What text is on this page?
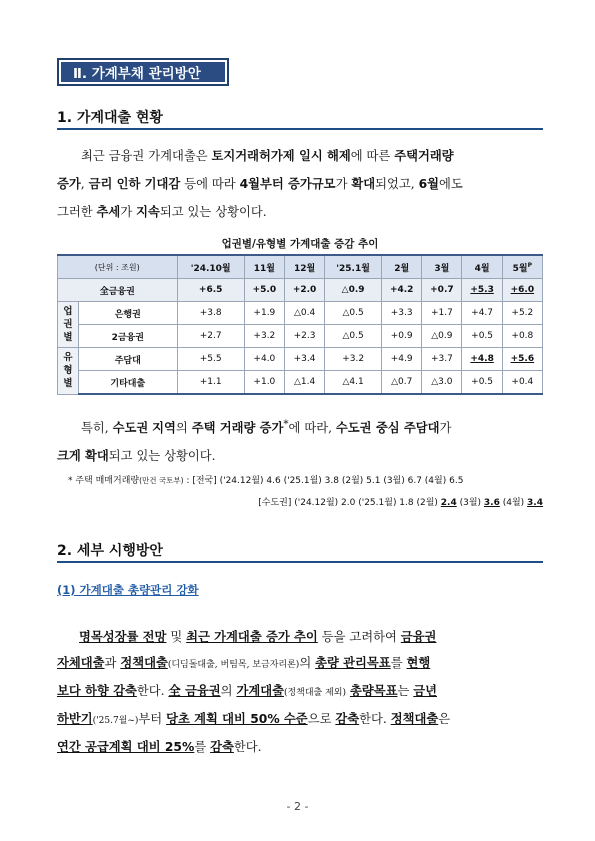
Ⅱ. 가계부채 관리방안
1. 가계대출 현황
최근 금융권 가계대출은 토지거래허가제 일시 해제에 따른 주택거래량
증가, 금리 인하 기대감 등에 따라 4월부터 증가규모가 확대되었고, 6월에도
그러한 추세가 지속되고 있는 상황이다.
업권별/유형별 가계대출 증감 추이
(단위 : 조원)		'24.10월	11월	12월	'25.1월	2월	3월	4월	5월$^P$
全금융권		+6.5	+5.0	+2.0	△0.9	+4.2	+0.7	+5.3	+6.0
업
권
별	은행권	+3.8	+1.9	△0.4	△0.5	+3.3	+1.7	+4.7	+5.2
	2금융권	+2.7	+3.2	+2.3	△0.5	+0.9	△0.9	+0.5	+0.8
유
형
별	주담대	+5.5	+4.0	+3.4	+3.2	+4.9	+3.7	+4.8	+5.6
	기타대출	+1.1	+1.0	△1.4	△4.1	△0.7	△3.0	+0.5	+0.4
특히, 수도권 지역의 주택 거래량 증가*에 따라, 수도권 중심 주담대가
크게 확대되고 있는 상황이다.
* 주택 매매거래량(만건 국토부) : [전국] ('24.12월) 4.6 ('25.1월) 3.8 (2월) 5.1 (3월) 6.7 (4월) 6.5
[수도권] ('24.12월) 2.0 ('25.1월) 1.8 (2월) 2.4 (3월) 3.6 (4월) 3.4
2. 세부 시행방안
(1) 가계대출 총량관리 강화
명목성장률 전망 및 최근 가계대출 증가 추이 등을 고려하여 금융권
자체대출과 정책대출(디딤돌대출, 버팀목, 보금자리론)의 총량 관리목표를 현행
보다 하향 감축한다. 全 금융권의 가계대출(정책대출 제외) 총량목표는 금년
하반기('25.7월~)부터 당초 계획 대비 50% 수준으로 감축한다. 정책대출은
연간 공급계획 대비 25%를 감축한다.
- 2 -
